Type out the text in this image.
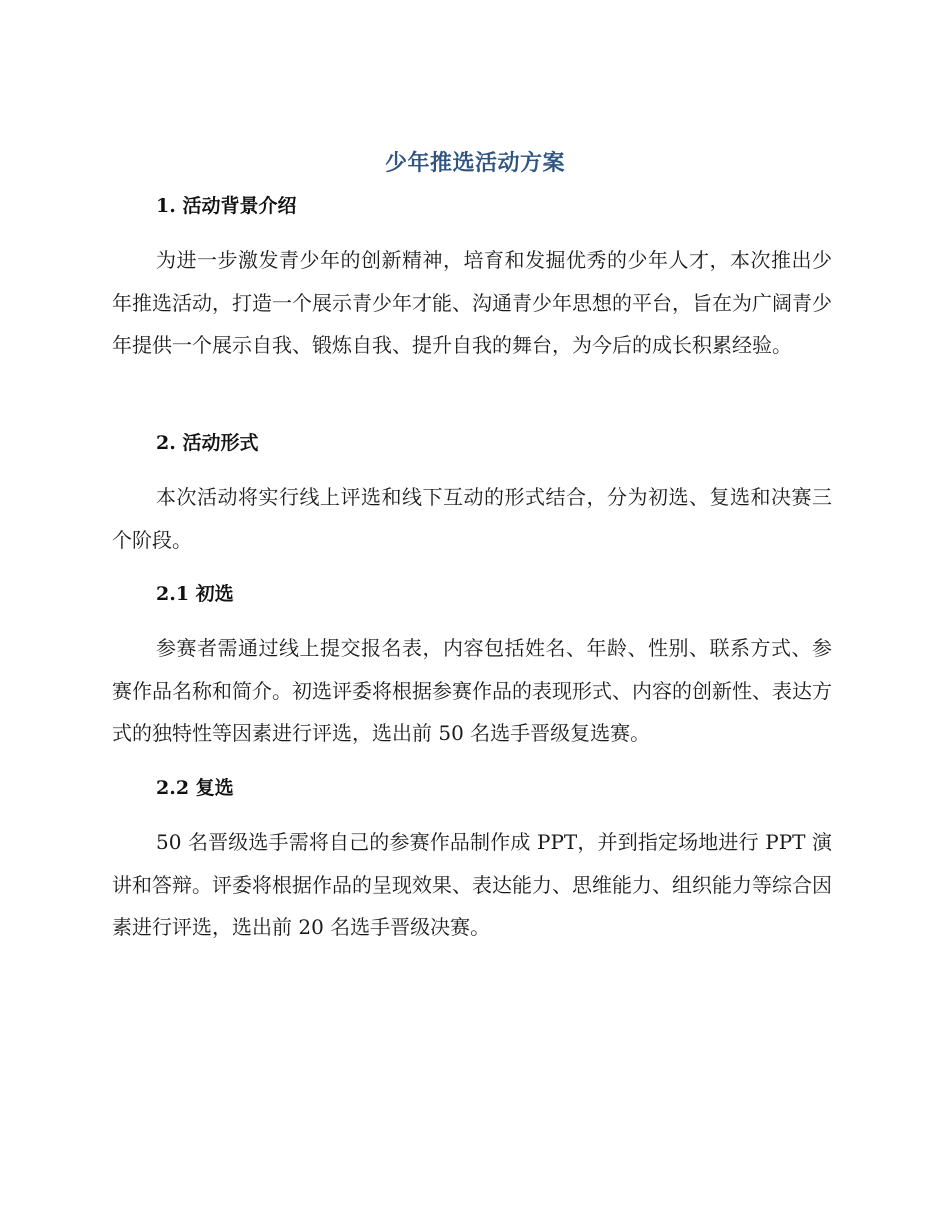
少年推选活动方案
1. 活动背景介绍
为进一步激发青少年的创新精神，培育和发掘优秀的少年人才，本次推出少年推选活动，打造一个展示青少年才能、沟通青少年思想的平台，旨在为广阔青少年提供一个展示自我、锻炼自我、提升自我的舞台，为今后的成长积累经验。
2. 活动形式
本次活动将实行线上评选和线下互动的形式结合，分为初选、复选和决赛三个阶段。
2.1 初选
参赛者需通过线上提交报名表，内容包括姓名、年龄、性别、联系方式、参赛作品名称和简介。初选评委将根据参赛作品的表现形式、内容的创新性、表达方式的独特性等因素进行评选，选出前 50 名选手晋级复选赛。
2.2 复选
50 名晋级选手需将自己的参赛作品制作成 PPT，并到指定场地进行 PPT 演讲和答辩。评委将根据作品的呈现效果、表达能力、思维能力、组织能力等综合因素进行评选，选出前 20 名选手晋级决赛。
